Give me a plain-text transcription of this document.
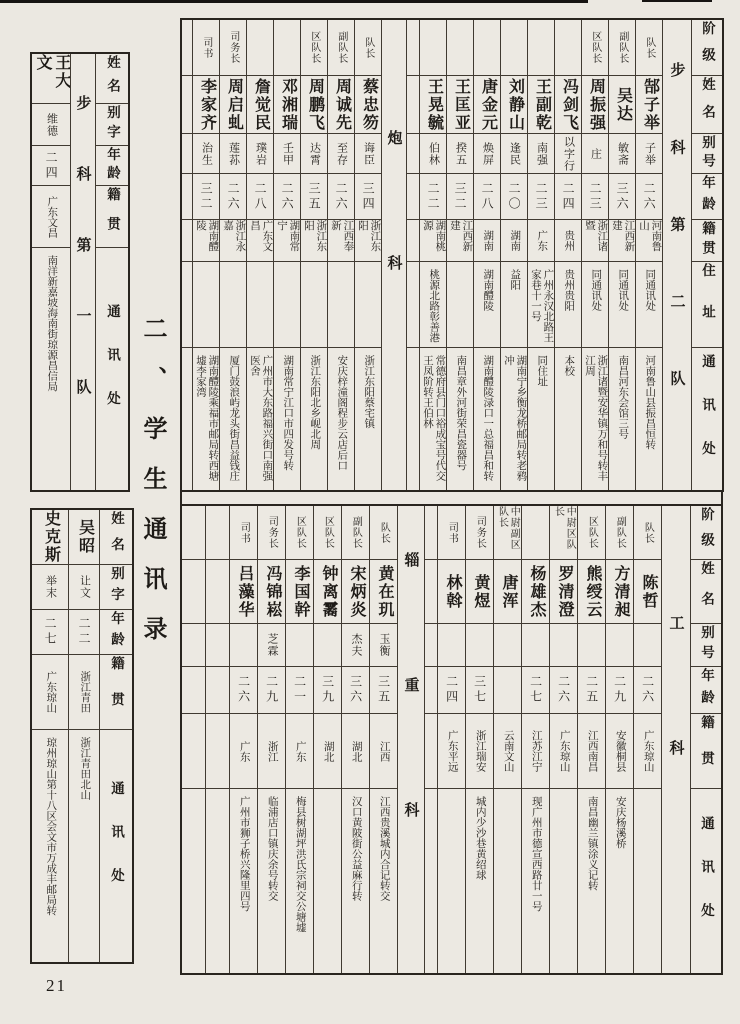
二、学生通讯录
阶级
姓名
别号
年龄
籍贯
住址
通讯处
步科第二队
队长
郜子举
子举
二六
河南鲁山
同通讯处
河南鲁山县振昌恒转
副队长
吴达
敏斋
三六
江西新建
同通讯处
南昌河东会馆三号
区队长
周振强
庄
二三
浙江诸暨
同通讯处
浙江诸暨安华镇万和号转丰江周
冯剑飞
以字行
二四
贵州
贵州贵阳
本校
王副乾
南强
二三
广东
广州永汉北路王家巷十一号
同住址
刘静山
逢民
二〇
湖南
益阳
湖南宁乡衡龙桥邮局转老鸦冲
唐金元
焕屏
二八
湖南
湖南醴陵
湖南醴陵渌口一总福昌和转
王匡亚
揆五
三二
江西新建
南昌章外河街荣昌瓷器号
王晃毓
伯林
二二
湖南桃源
桃源北路彰善港
常德府县门口裕成宝号代交王凤阶转王伯林
炮科
队长
蔡忠笏
诲臣
三四
浙江东阳
浙江东阳蔡宅镇
副队长
周诚先
至存
二六
江西奉新
安庆梓潼阁程步云店后口
区队长
周鹏飞
达霄
三五
浙江东阳
浙江东阳北乡岘北周
邓湘瑞
壬甲
二六
湖南常宁
湖南常宁江口市四发号转
詹觉民
璞岩
二八
广东文昌
广州市大东路福兴街口南强医舍
司务长
周启虬
莲荪
二六
浙江永嘉
厦门鼓浪屿龙头街昌益钱庄
司书
李家齐
治生
三二
湖南醴陵
湖南醴陵乘福市邮局转西塘墟李家湾
阶级
姓名
别号
年龄
籍贯
通讯处
工科
队长
陈哲
二六
广东琼山
副队长
方清昶
二九
安徽桐县
安庆杨溪桥
区队长
熊绶云
二五
江西南昌
南昌幽兰镇涂义记转
中尉区队长
罗清澄
二六
广东琼山
杨雄杰
二七
江苏江宁
现广州市德宣西路廿一号
中尉副区队长
唐浑
云南文山
司务长
黄煜
三七
浙江瑞安
城内少沙巷黄绍球
司书
林斡
二四
广东平远
辎重科
队长
黄在玑
玉衡
三五
江西
江西贵溪城内合记转交
副队长
宋炳炎
杰夫
三六
湖北
汉口黄陂街公益麻行转
区队长
钟离霱
三九
湖北
区队长
李国幹
二一
广东
梅县树湖坪洪氏宗祠交公塘墟
司务长
冯锦崧
芝霖
二九
浙江
临浦店口镇庆余号转交
司书
吕藻华
二六
广东
广州市狮子桥兴隆里四号
姓名
别字
年龄
籍贯
通讯处
步科第一队
王大文
维德
二四
广东文昌
南洋新嘉坡海南街琼源昌信局
姓名
别字
年龄
籍贯
通讯处
吴昭
让文
二二
浙江青田
浙江青田北山
史克斯
举末
二七
广东琼山
琼州琼山第十八区会文市万成丰邮局转
21
